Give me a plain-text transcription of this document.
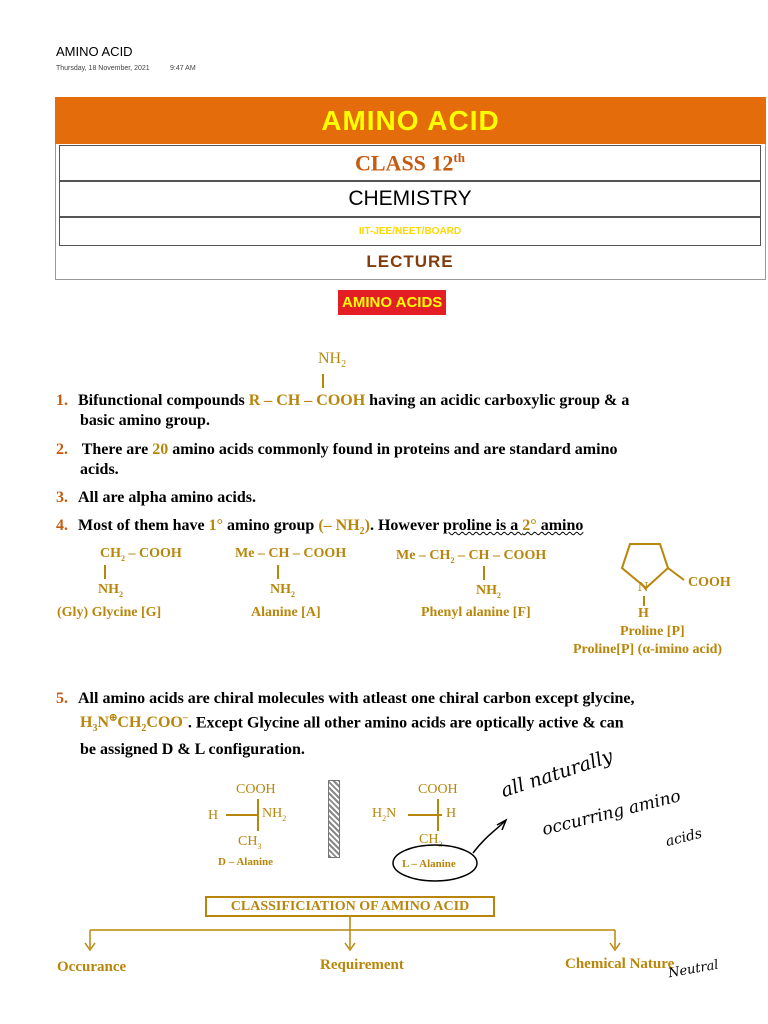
AMINO ACID
Thursday, 18 November, 2021	9:47 AM
AMINO ACID
CLASS 12th
CHEMISTRY
IIT-JEE/NEET/BOARD
LECTURE
AMINO ACIDS
$NH_2$
1. Bifunctional compounds R – CH – COOH having an acidic carboxylic group & a
basic amino group.
2. There are 20 amino acids commonly found in proteins and are standard amino
acids.
3. All are alpha amino acids.
4. Most of them have 1° amino group (– $NH_2$). However proline is a 2° amino
$CH_2$ – COOH
$NH_2$
(Gly) Glycine [G]
Me – CH – COOH
$NH_2$
Alanine [A]
Me – $CH_2$ – CH – COOH
$NH_2$
Phenyl alanine [F]
N
H
COOH
Proline [P]
Proline[P] (α-imino acid)
5. All amino acids are chiral molecules with atleast one chiral carbon except glycine,
$H_3N^\oplus CH_2COO^-$. Except Glycine all other amino acids are optically active & can
be assigned D & L configuration.
COOH
H	$NH_2$
$CH_3$
D – Alanine
COOH
$H_2N$	H
$CH_3$
L – Alanine
all naturally
occurring amino
acids
CLASSIFICIATION OF AMINO ACID
Occurance	Requirement	Chemical Nature
Neutral
